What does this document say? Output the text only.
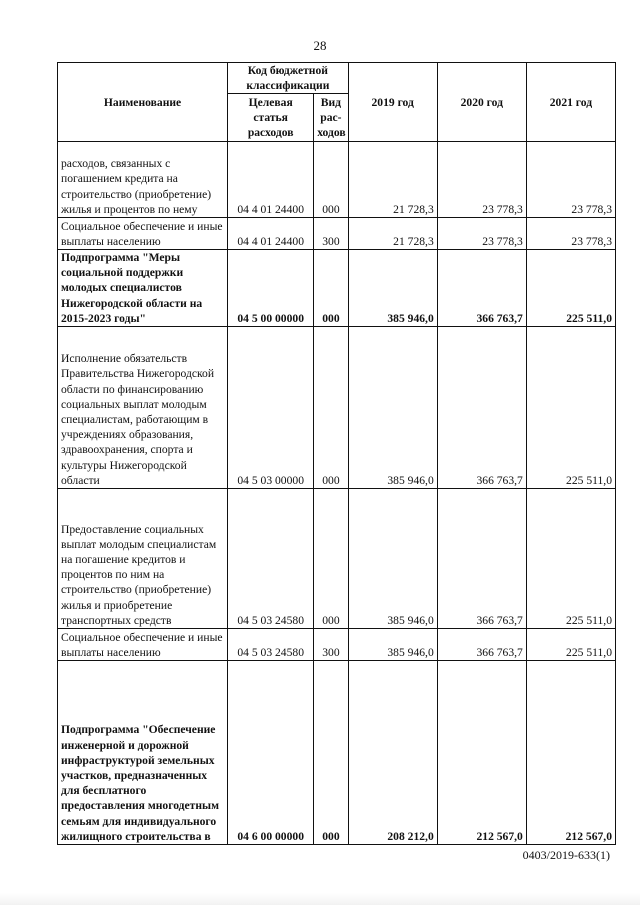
28
Наименование	Код бюджетной классификации		2019 год	2020 год	2021 год
	Целевая статья расходов	Вид рас-ходов			
расходов, связанных с погашением кредита на строительство (приобретение) жилья и процентов по нему	04 4 01 24400	000	21 728,3	23 778,3	23 778,3
Социальное обеспечение и иные выплаты населению	04 4 01 24400	300	21 728,3	23 778,3	23 778,3
Подпрограмма "Меры социальной поддержки молодых специалистов Нижегородской области на 2015-2023 годы"	04 5 00 00000	000	385 946,0	366 763,7	225 511,0
Исполнение обязательств Правительства Нижегородской области по финансированию социальных выплат молодым специалистам, работающим в учреждениях образования, здравоохранения, спорта и культуры Нижегородской области	04 5 03 00000	000	385 946,0	366 763,7	225 511,0
Предоставление социальных выплат молодым специалистам на погашение кредитов и процентов по ним на строительство (приобретение) жилья и приобретение транспортных средств	04 5 03 24580	000	385 946,0	366 763,7	225 511,0
Социальное обеспечение и иные выплаты населению	04 5 03 24580	300	385 946,0	366 763,7	225 511,0
Подпрограмма "Обеспечение инженерной и дорожной инфраструктурой земельных участков, предназначенных для бесплатного предоставления многодетным семьям для индивидуального жилищного строительства в	04 6 00 00000	000	208 212,0	212 567,0	212 567,0
0403/2019-633(1)
